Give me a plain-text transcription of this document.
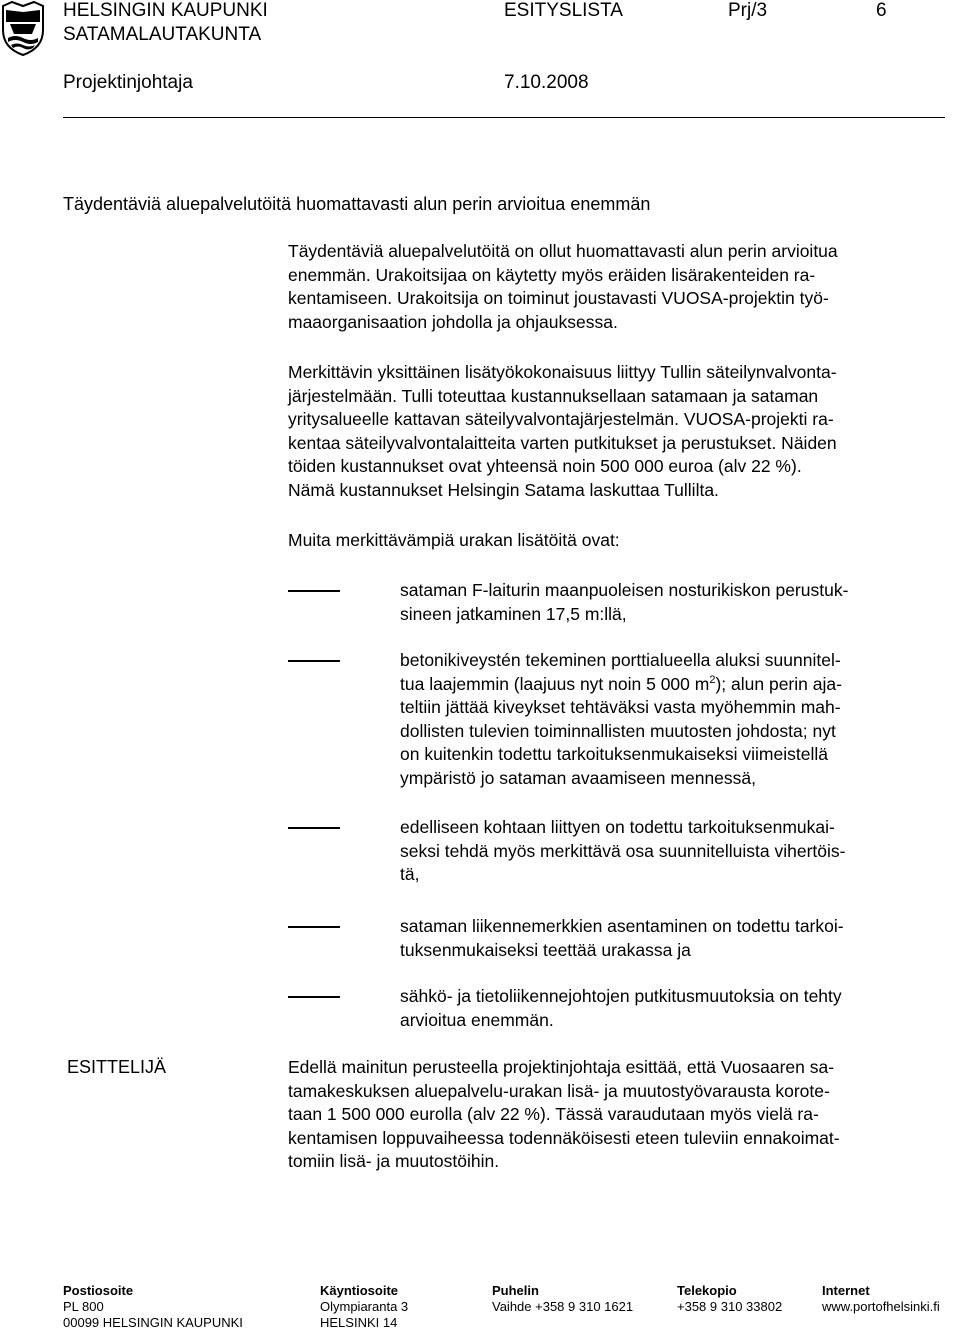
HELSINGIN KAUPUNKI
SATAMALAUTAKUNTA
ESITYSLISTA	Prj/3	6
Projektinjohtaja	7.10.2008
Täydentäviä aluepalvelutöitä huomattavasti alun perin arvioitua enemmän
Täydentäviä aluepalvelutöitä on ollut huomattavasti alun perin arvioitua
enemmän. Urakoitsijaa on käytetty myös eräiden lisärakenteiden ra-
kentamiseen. Urakoitsija on toiminut joustavasti VUOSA-projektin työ-
maaorganisaation johdolla ja ohjauksessa.
Merkittävin yksittäinen lisätyökokonaisuus liittyy Tullin säteilynvalvonta-
järjestelmään. Tulli toteuttaa kustannuksellaan satamaan ja sataman
yritysalueelle kattavan säteilyvalvontajärjestelmän. VUOSA-projekti ra-
kentaa säteilyvalvontalaitteita varten putkitukset ja perustukset. Näiden
töiden kustannukset ovat yhteensä noin 500 000 euroa (alv 22 %).
Nämä kustannukset Helsingin Satama laskuttaa Tullilta.
Muita merkittävämpiä urakan lisätöitä ovat:
sataman F-laiturin maanpuoleisen nosturikiskon perustuk-
sineen jatkaminen 17,5 m:llä,
betonikiveystén tekeminen porttialueella aluksi suunnitel-
tua laajemmin (laajuus nyt noin 5 000 $m^2$); alun perin aja-
teltiin jättää kiveykset tehtäväksi vasta myöhemmin mah-
dollisten tulevien toiminnallisten muutosten johdosta; nyt
on kuitenkin todettu tarkoituksenmukaiseksi viimeistellä
ympäristö jo sataman avaamiseen mennessä,
edelliseen kohtaan liittyen on todettu tarkoituksenmukai-
seksi tehdä myös merkittävä osa suunnitelluista vihertöis-
tä,
sataman liikennemerkkien asentaminen on todettu tarkoi-
tuksenmukaiseksi teettää urakassa ja
sähkö- ja tietoliikennejohtojen putkitusmuutoksia on tehty
arvioitua enemmän.
ESITTELIJÄ	Edellä mainitun perusteella projektinjohtaja esittää, että Vuosaaren sa-
tamakeskuksen aluepalvelu-urakan lisä- ja muutostyövarausta korote-
taan 1 500 000 eurolla (alv 22 %). Tässä varaudutaan myös vielä ra-
kentamisen loppuvaiheessa todennäköisesti eteen tuleviin ennakoimat-
tomiin lisä- ja muutostöihin.
Postiosoite
PL 800
00099 HELSINGIN KAUPUNKI
Käyntiosoite
Olympiaranta 3
HELSINKI 14
Puhelin
Vaihde +358 9 310 1621
Telekopio
+358 9 310 33802
Internet
www.portofhelsinki.fi
